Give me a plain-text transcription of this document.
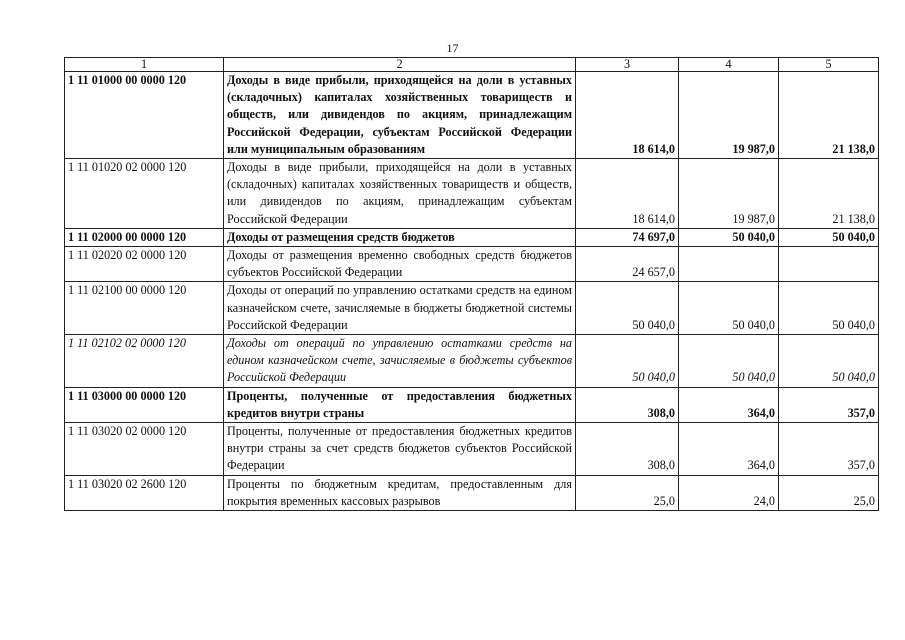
17
1	2	3	4	5
1 11 01000 00 0000 120	Доходы в виде прибыли, приходящейся на доли в уставных (складочных) капиталах хозяйственных товариществ и обществ, или дивидендов по акциям, принадлежащим Российской Федерации, субъектам Российской Федерации или муниципальным образованиям	18 614,0	19 987,0	21 138,0
1 11 01020 02 0000 120	Доходы в виде прибыли, приходящейся на доли в уставных (складочных) капиталах хозяйственных товариществ и обществ, или дивидендов по акциям, принадлежащим субъектам Российской Федерации	18 614,0	19 987,0	21 138,0
1 11 02000 00 0000 120	Доходы от размещения средств бюджетов	74 697,0	50 040,0	50 040,0
1 11 02020 02 0000 120	Доходы от размещения временно свободных средств бюджетов субъектов Российской Федерации	24 657,0		
1 11 02100 00 0000 120	Доходы от операций по управлению остатками средств на едином казначейском счете, зачисляемые в бюджеты бюджетной системы Российской Федерации	50 040,0	50 040,0	50 040,0
1 11 02102 02 0000 120	Доходы от операций по управлению остатками средств на едином казначейском счете, зачисляемые в бюджеты субъектов Российской Федерации	50 040,0	50 040,0	50 040,0
1 11 03000 00 0000 120	Проценты, полученные от предоставления бюджетных кредитов внутри страны	308,0	364,0	357,0
1 11 03020 02 0000 120	Проценты, полученные от предоставления бюджетных кредитов внутри страны за счет средств бюджетов субъектов Российской Федерации	308,0	364,0	357,0
1 11 03020 02 2600 120	Проценты по бюджетным кредитам, предоставленным для покрытия временных кассовых разрывов	25,0	24,0	25,0
